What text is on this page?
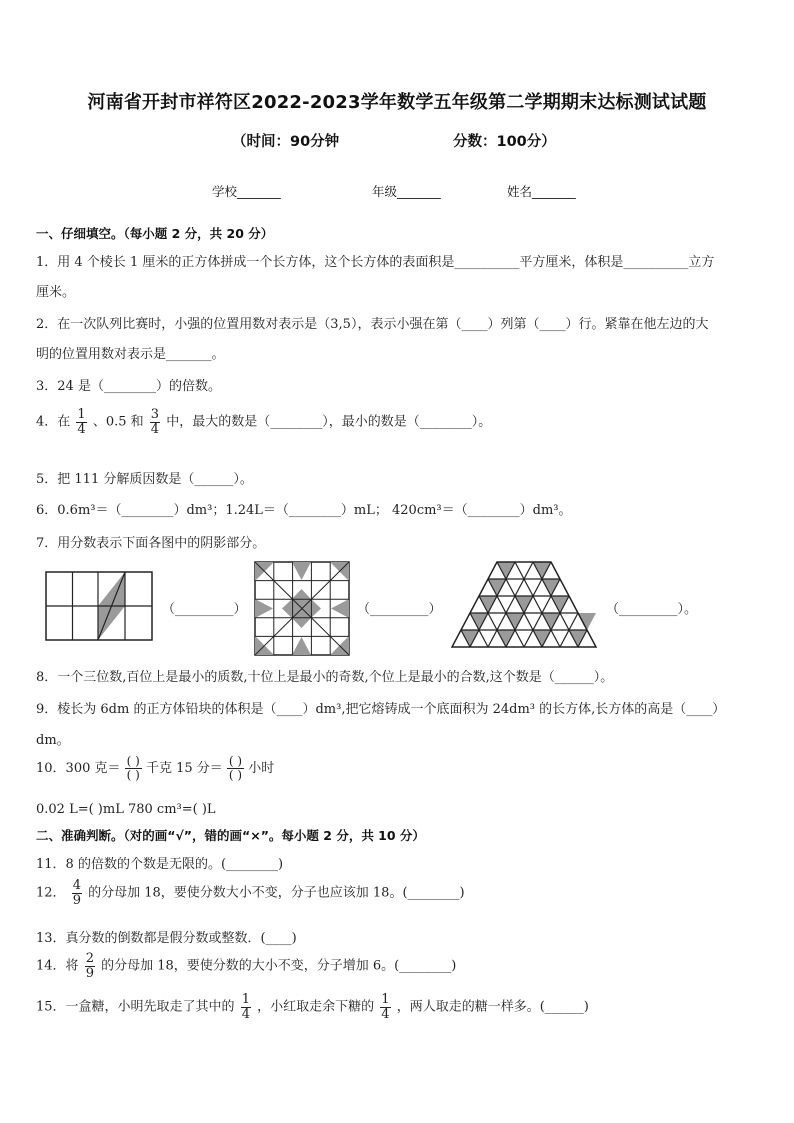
河南省开封市祥符区2022-2023学年数学五年级第二学期期末达标测试试题
（时间：90分钟	分数：100分）
学校_______	年级_______	姓名_______
一、仔细填空。（每小题 2 分，共 20 分）
1．用 4 个棱长 1 厘米的正方体拼成一个长方体，这个长方体的表面积是__________平方厘米，体积是__________立方
厘米。
2．在一次队列比赛时，小强的位置用数对表示是（3,5），表示小强在第（____）列第（____）行。紧靠在他左边的大
明的位置用数对表示是_______。
3．24 是（________）的倍数。
4．在 $\frac{1}{4}$ 、0.5 和 $\frac{3}{4}$ 中，最大的数是（________），最小的数是（________）。
5．把 111 分解质因数是（______）。
6．0.6m³＝（________）dm³；1.24L＝（________）mL； 420cm³＝（________）dm³。
7．用分数表示下面各图中的阴影部分。
（_________）	（_________）	（_________）。
8．一个三位数,百位上是最小的质数,十位上是最小的奇数,个位上是最小的合数,这个数是（______）。
9．棱长为 6dm 的正方体铅块的体积是（____）dm³,把它熔铸成一个底面积为 24dm³ 的长方体,长方体的高是（____）
dm。
10．300 克＝
( )
( ) 千克 15 分＝
( )
( ) 小时
0.02 L=( )mL 780 cm³=( )L
二、准确判断。（对的画“√”，错的画“×”。每小题 2 分，共 10 分）
11．8 的倍数的个数是无限的。(________)
12． $\frac{4}{9}$ 的分母加 18，要使分数大小不变，分子也应该加 18。(________)
13．真分数的倒数都是假分数或整数．(____)
14．将 $\frac{2}{9}$ 的分母加 18，要使分数的大小不变，分子增加 6。(________)
15．一盒糖，小明先取走了其中的 $\frac{1}{4}$ ，小红取走余下糖的 $\frac{1}{4}$ ，两人取走的糖一样多。(______)
